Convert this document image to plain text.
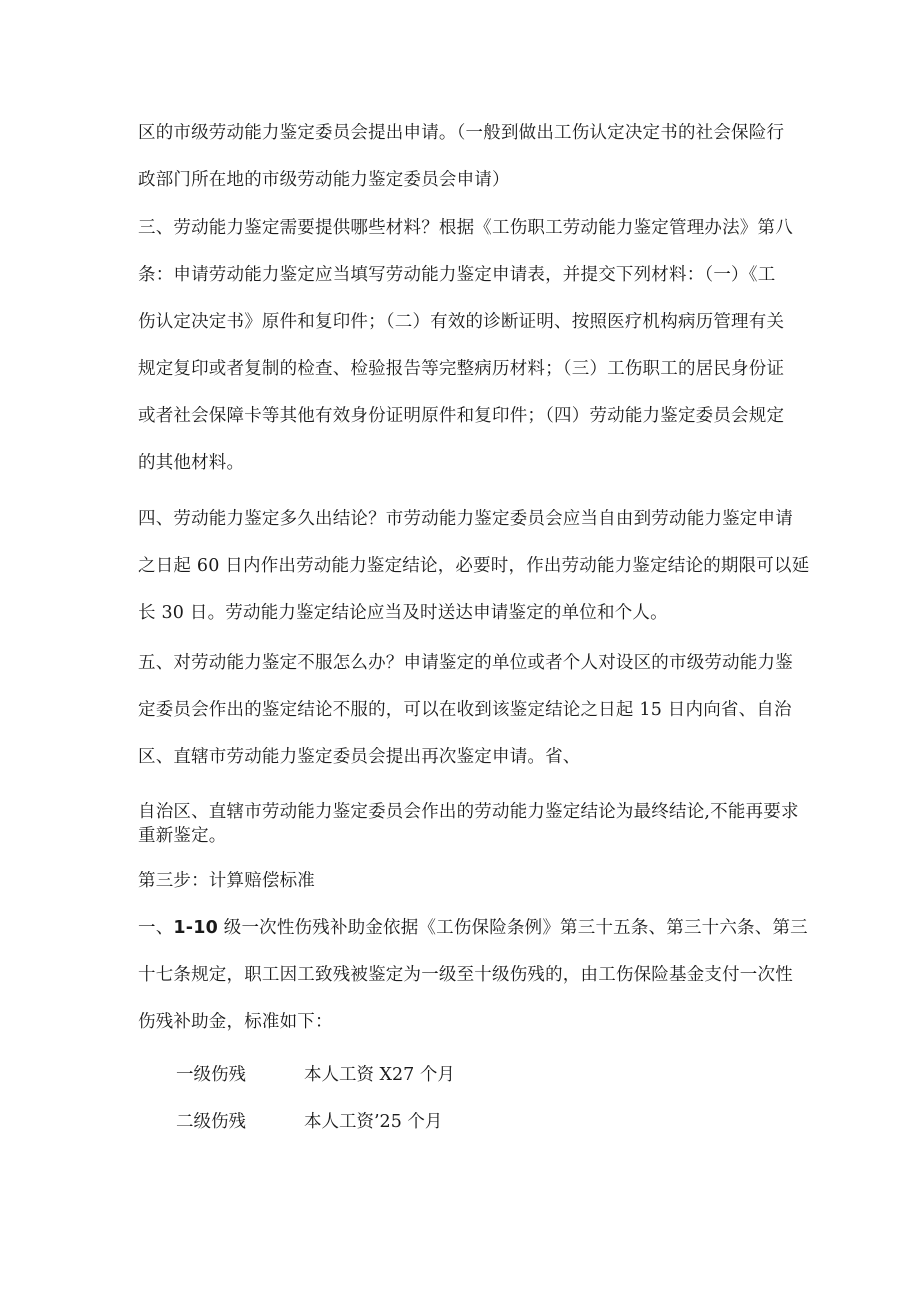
区的市级劳动能力鉴定委员会提出申请。（一般到做出工伤认定决定书的社会保险行
政部门所在地的市级劳动能力鉴定委员会申请）
三、劳动能力鉴定需要提供哪些材料？根据《工伤职工劳动能力鉴定管理办法》第八
条：申请劳动能力鉴定应当填写劳动能力鉴定申请表，并提交下列材料：（一）《工
伤认定决定书》原件和复印件；（二）有效的诊断证明、按照医疗机构病历管理有关
规定复印或者复制的检查、检验报告等完整病历材料；（三）工伤职工的居民身份证
或者社会保障卡等其他有效身份证明原件和复印件；（四）劳动能力鉴定委员会规定
的其他材料。
四、劳动能力鉴定多久出结论？市劳动能力鉴定委员会应当自由到劳动能力鉴定申请
之日起 60 日内作出劳动能力鉴定结论，必要时，作出劳动能力鉴定结论的期限可以延
长 30 日。劳动能力鉴定结论应当及时送达申请鉴定的单位和个人。
五、对劳动能力鉴定不服怎么办？申请鉴定的单位或者个人对设区的市级劳动能力鉴
定委员会作出的鉴定结论不服的，可以在收到该鉴定结论之日起 15 日内向省、自治
区、直辖市劳动能力鉴定委员会提出再次鉴定申请。省、
自治区、直辖市劳动能力鉴定委员会作出的劳动能力鉴定结论为最终结论,不能再要求
重新鉴定。
第三步：计算赔偿标准
一、1-10 级一次性伤残补助金依据《工伤保险条例》第三十五条、第三十六条、第三
十七条规定，职工因工致残被鉴定为一级至十级伤残的，由工伤保险基金支付一次性
伤残补助金，标准如下：
一级伤残	本人工资 X27 个月
二级伤残	本人工资’25 个月
